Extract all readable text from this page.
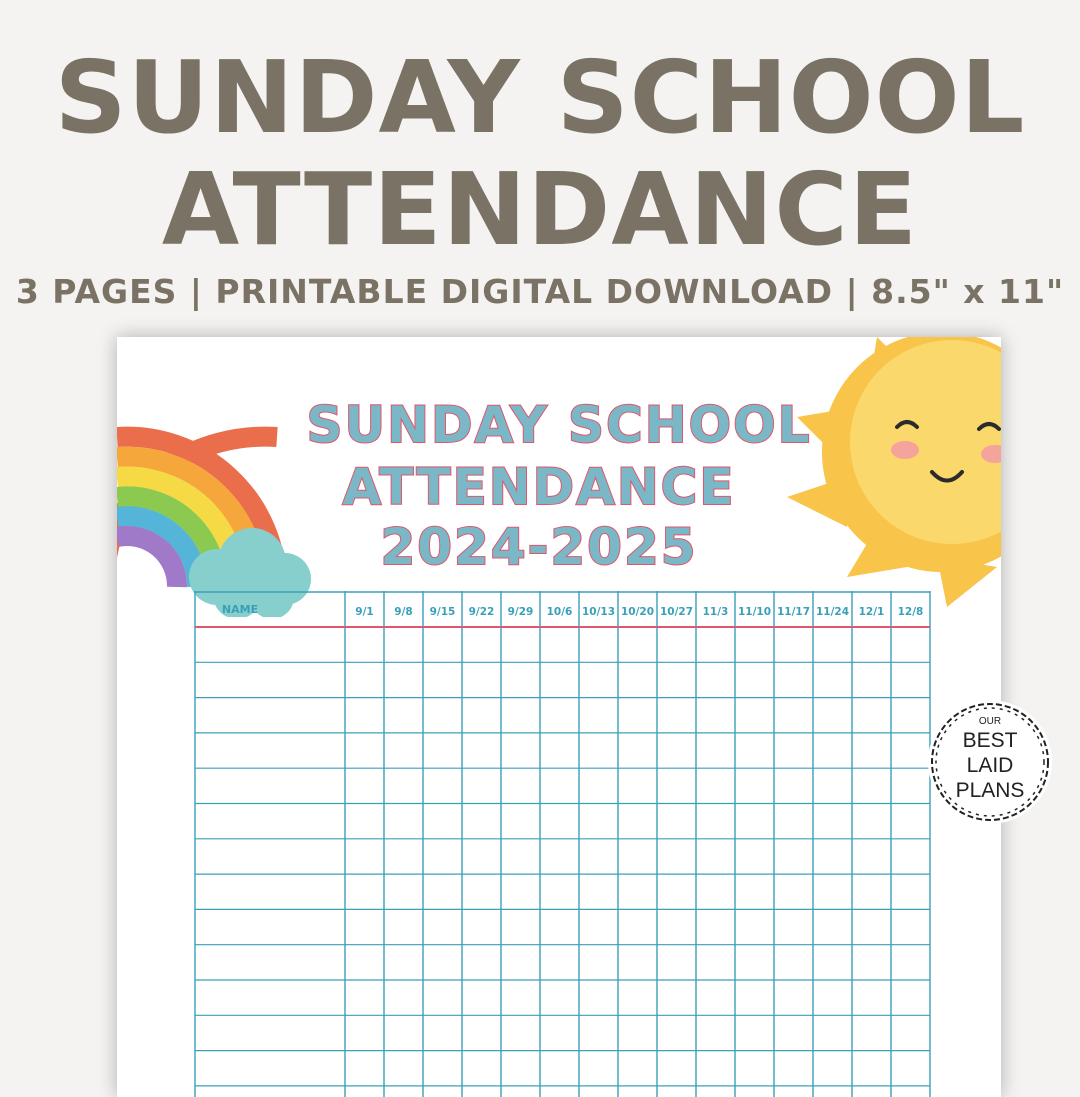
SUNDAY SCHOOL
ATTENDANCE
3 PAGES | PRINTABLE DIGITAL DOWNLOAD | 8.5" x 11"
SUNDAY SCHOOL
ATTENDANCE
2024-2025
NAME	9/1 9/8 9/15 9/22 9/29 10/6 10/13 10/20 10/27 11/3 11/10 11/17 11/24 12/1 12/8
OUR
BEST
LAID
PLANS
